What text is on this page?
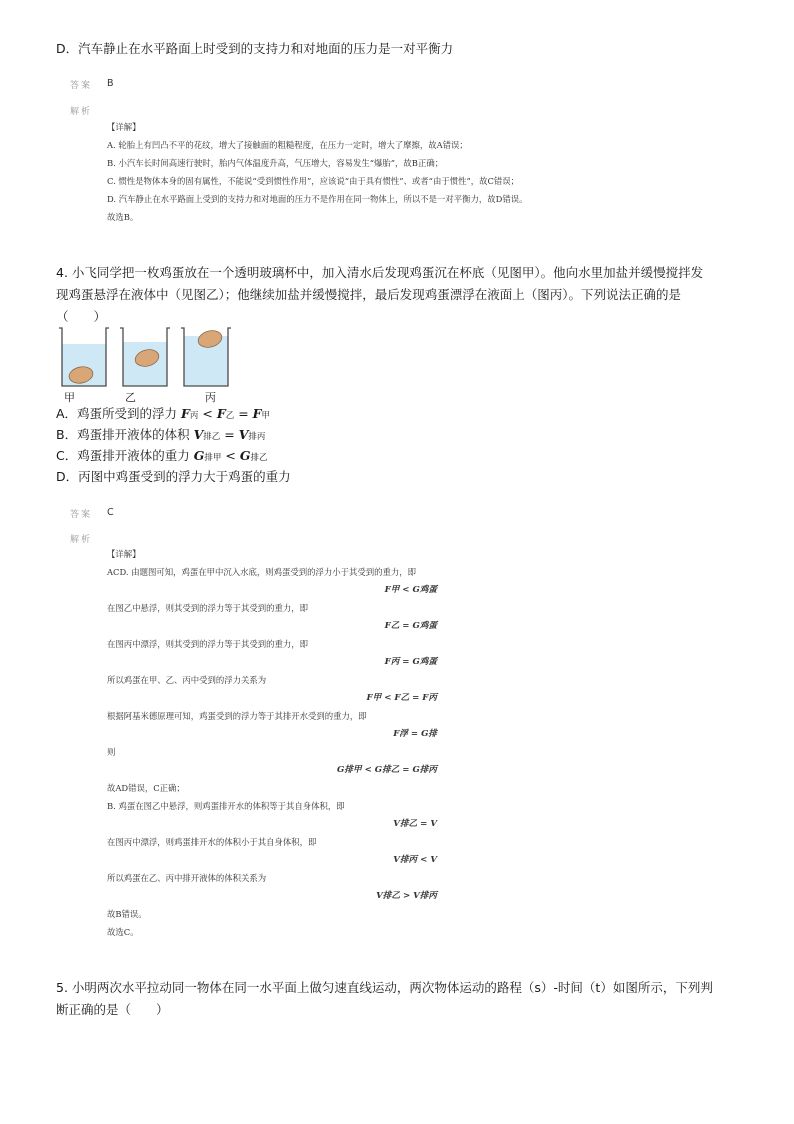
D．汽车静止在水平路面上时受到的支持力和对地面的压力是一对平衡力

答案 B
解析
【详解】
A. 轮胎上有凹凸不平的花纹，增大了接触面的粗糙程度，在压力一定时，增大了摩擦，故A错误；
B. 小汽车长时间高速行驶时，胎内气体温度升高，气压增大，容易发生“爆胎”，故B正确；
C. 惯性是物体本身的固有属性，不能说“受到惯性作用”，应该说“由于具有惯性”、或者“由于惯性”，故C错误；
D. 汽车静止在水平路面上受到的支持力和对地面的压力不是作用在同一物体上，所以不是一对平衡力，故D错误。
故选B。

4. 小飞同学把一枚鸡蛋放在一个透明玻璃杯中，加入清水后发现鸡蛋沉在杯底（见图甲）。他向水里加盐并缓慢搅拌发

现鸡蛋悬浮在液体中（见图乙）；他继续加盐并缓慢搅拌，最后发现鸡蛋漂浮在液面上（图丙）。下列说法正确的是

（　　）

甲	乙	丙
A．鸡蛋所受到的浮力 F丙 < F乙 = F甲
B．鸡蛋排开液体的体积 V排乙 = V排丙
C．鸡蛋排开液体的重力 G排甲 < G排乙
D．丙图中鸡蛋受到的浮力大于鸡蛋的重力
答案 C
解析
【详解】
ACD. 由题图可知，鸡蛋在甲中沉入水底，则鸡蛋受到的浮力小于其受到的重力，即
F甲 < G鸡蛋
在图乙中悬浮，则其受到的浮力等于其受到的重力，即
F乙 = G鸡蛋
在图丙中漂浮，则其受到的浮力等于其受到的重力，即
F丙 = G鸡蛋
所以鸡蛋在甲、乙、丙中受到的浮力关系为
F甲 < F乙 = F丙
根据阿基米德原理可知，鸡蛋受到的浮力等于其排开水受到的重力，即
F浮 = G排
则
G排甲 < G排乙 = G排丙
故AD错误，C正确；
B. 鸡蛋在图乙中悬浮，则鸡蛋排开水的体积等于其自身体积，即
V排乙 = V
在图丙中漂浮，则鸡蛋排开水的体积小于其自身体积，即
V排丙 < V
所以鸡蛋在乙、丙中排开液体的体积关系为
V排乙 > V排丙
故B错误。
故选C。

5. 小明两次水平拉动同一物体在同一水平面上做匀速直线运动，两次物体运动的路程（s）-时间（t）如图所示，下列判

断正确的是（　　）
